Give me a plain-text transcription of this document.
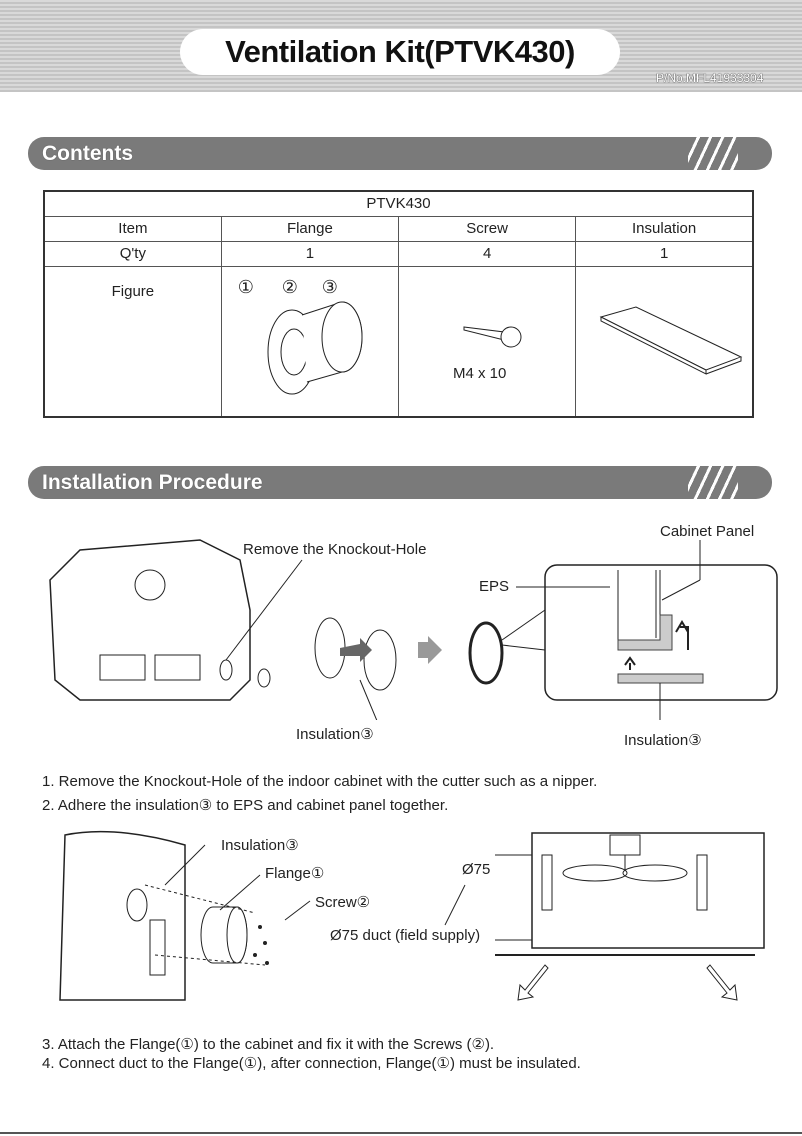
Ventilation Kit(PTVK430)
P/No.MFL41933304
Contents
PTVK430			
Item	Flange	Screw	Insulation
Q'ty	1	4	1
Figure	① ② ③	M4 x 10

Installation Procedure
Remove the Knockout-Hole
Insulation③
EPS
Cabinet Panel
Insulation③
1. Remove the Knockout-Hole of the indoor cabinet with the cutter such as a nipper.
2. Adhere the insulation③ to EPS and cabinet panel together.
Insulation③
Flange①
Screw②
Ø75
Ø75 duct (field supply)
3. Attach the Flange(①) to the cabinet and fix it with the Screws (②).
4. Connect duct to the Flange(①), after connection, Flange(①) must be insulated.
